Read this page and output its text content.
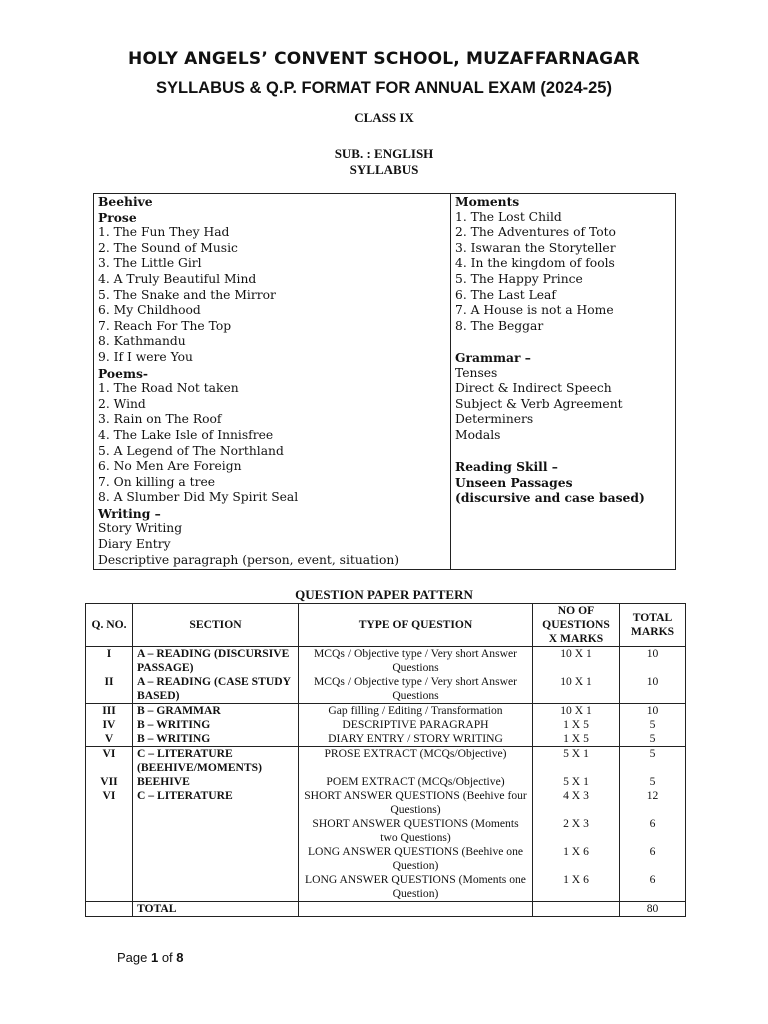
HOLY ANGELS’ CONVENT SCHOOL, MUZAFFARNAGAR
SYLLABUS & Q.P. FORMAT FOR ANNUAL EXAM (2024-25)
CLASS IX
SUB. : ENGLISH
SYLLABUS
Beehive
Prose
1. The Fun They Had
2. The Sound of Music
3. The Little Girl
4. A Truly Beautiful Mind
5. The Snake and the Mirror
6. My Childhood
7. Reach For The Top
8. Kathmandu
9. If I were You
Poems-
1. The Road Not taken
2. Wind
3. Rain on The Roof
4. The Lake Isle of Innisfree
5. A Legend of The Northland
6. No Men Are Foreign
7. On killing a tree
8. A Slumber Did My Spirit Seal
Writing –
Story Writing
Diary Entry
Descriptive paragraph (person, event, situation)
Moments
1. The Lost Child
2. The Adventures of Toto
3. Iswaran the Storyteller
4. In the kingdom of fools
5. The Happy Prince
6. The Last Leaf
7. A House is not a Home
8. The Beggar
Grammar –
Tenses
Direct & Indirect Speech
Subject & Verb Agreement
Determiners
Modals
Reading Skill –
Unseen Passages
(discursive and case based)
QUESTION PAPER PATTERN
Q. NO.	SECTION	TYPE OF QUESTION	NO OF QUESTIONS X MARKS	TOTAL MARKS
I	A – READING (DISCURSIVE PASSAGE)	MCQs / Objective type / Very short Answer Questions	10 X 1	10
II	A – READING (CASE STUDY BASED)	MCQs / Objective type / Very short Answer Questions	10 X 1	10
III	B – GRAMMAR	Gap filling / Editing / Transformation	10 X 1	10
IV	B – WRITING	DESCRIPTIVE PARAGRAPH	1 X 5	5
V	B – WRITING	DIARY ENTRY / STORY WRITING	1 X 5	5
VI	C – LITERATURE (BEEHIVE/MOMENTS)	PROSE EXTRACT (MCQs/Objective)	5 X 1	5
VII	BEEHIVE	POEM EXTRACT (MCQs/Objective)	5 X 1	5
VI	C – LITERATURE	SHORT ANSWER QUESTIONS (Beehive four Questions)	4 X 3	12
		SHORT ANSWER QUESTIONS (Moments two Questions)	2 X 3	6
		LONG ANSWER QUESTIONS (Beehive one Question)	1 X 6	6
		LONG ANSWER QUESTIONS (Moments one Question)	1 X 6	6
	TOTAL			80
Page 1 of 8
